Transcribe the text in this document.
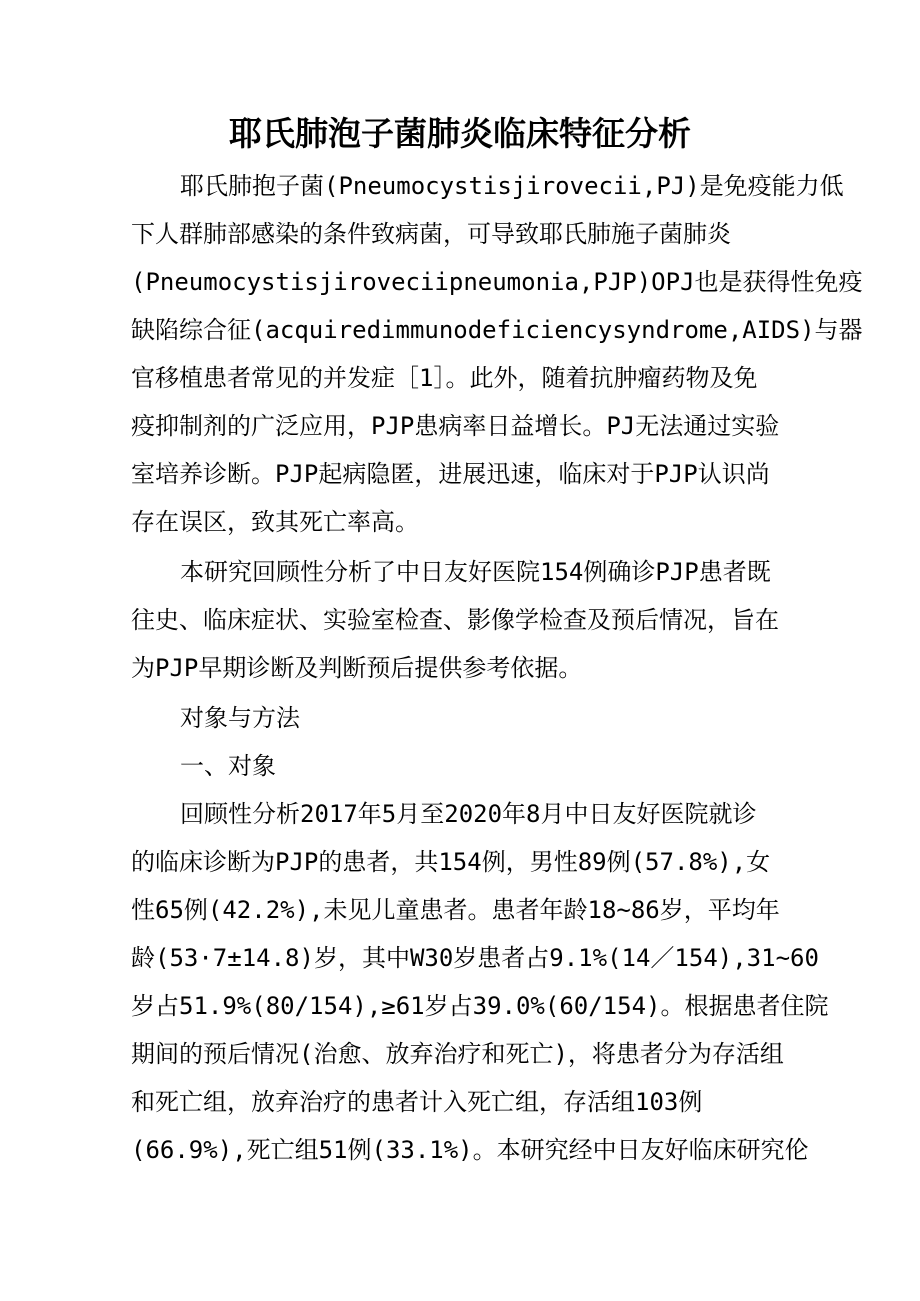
耶氏肺泡子菌肺炎临床特征分析
耶氏肺抱子菌(Pneumocystisjirovecii,PJ)是免疫能力低
下人群肺部感染的条件致病菌，可导致耶氏肺施子菌肺炎
(Pneumocystisjiroveciipneumonia,PJP)OPJ也是获得性免疫
缺陷综合征(acquiredimmunodeficiencysyndrome,AIDS)与器
官移植患者常见的并发症［1］。此外，随着抗肿瘤药物及免
疫抑制剂的广泛应用，PJP患病率日益增长。PJ无法通过实验
室培养诊断。PJP起病隐匿，进展迅速，临床对于PJP认识尚
存在误区，致其死亡率高。
本研究回顾性分析了中日友好医院154例确诊PJP患者既
往史、临床症状、实验室检查、影像学检查及预后情况，旨在
为PJP早期诊断及判断预后提供参考依据。
对象与方法
一、对象
回顾性分析2017年5月至2020年8月中日友好医院就诊
的临床诊断为PJP的患者，共154例，男性89例(57.8%),女
性65例(42.2%),未见儿童患者。患者年龄18~86岁，平均年
龄(53·7±14.8)岁，其中W30岁患者占9.1%(14／154),31~60
岁占51.9%(80/154),≥61岁占39.0%(60/154)。根据患者住院
期间的预后情况(治愈、放弃治疗和死亡)，将患者分为存活组
和死亡组，放弃治疗的患者计入死亡组，存活组103例
(66.9%),死亡组51例(33.1%)。本研究经中日友好临床研究伦
